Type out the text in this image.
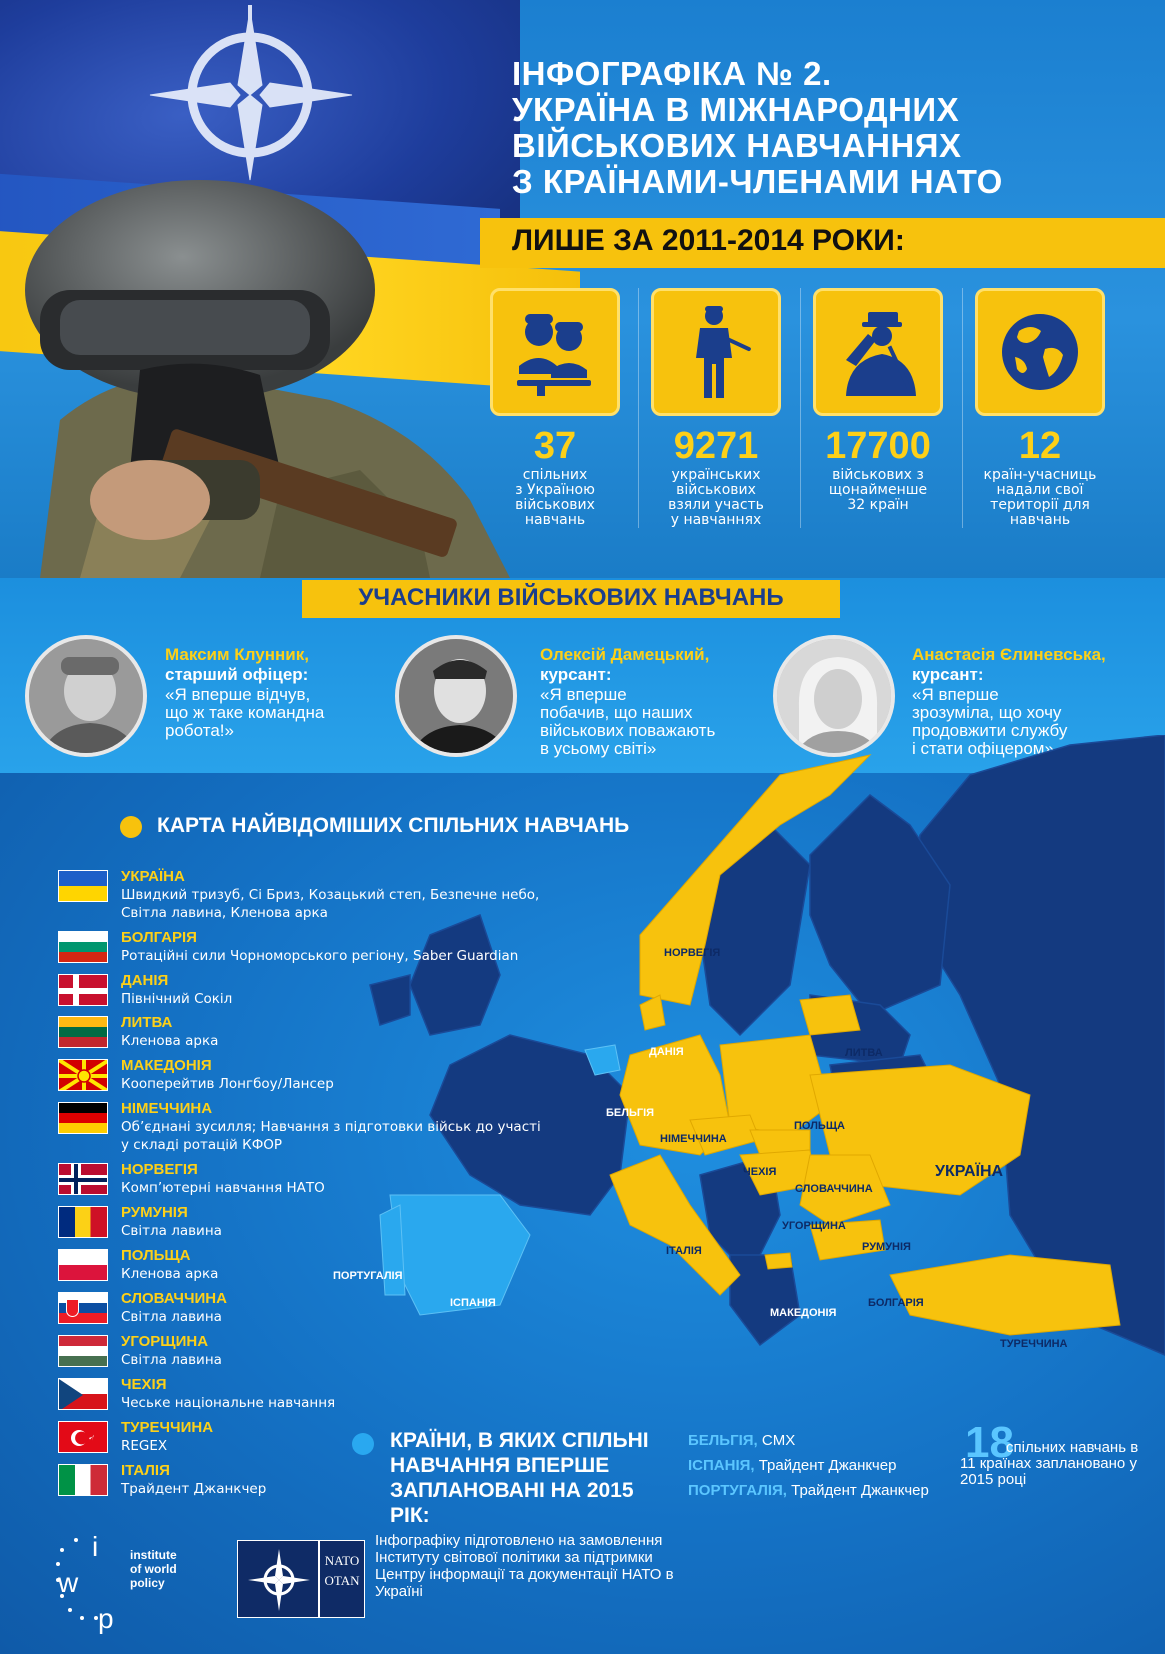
ІНФОГРАФІКА № 2.
УКРАЇНА В МІЖНАРОДНИХ
ВІЙСЬКОВИХ НАВЧАННЯХ
З КРАЇНАМИ-ЧЛЕНАМИ НАТО
ЛИШЕ ЗА 2011-2014 РОКИ:
37
спільних
з Україною
військових
навчань
9271
українських
військових
взяли участь
у навчаннях
17700
військових з
щонайменше
32 країн
12
країн-учасниць
надали свої
території для
навчань
УЧАСНИКИ ВІЙСЬКОВИХ НАВЧАНЬ
Максим Клунник,
старший офіцер:
«Я вперше відчув,
що ж таке командна
робота!»
Олексій Дамецький,
курсант:
«Я вперше
побачив, що наших
військових поважають
в усьому світі»
Анастасія Єлиневська,
курсант:
«Я вперше
зрозуміла, що хочу
продовжити службу
і стати офіцером»
НОРВЕГІЯ
ДАНІЯ	ЛИТВА
БЕЛЬГІЯ
НІМЕЧЧИНА
ПОЛЬЩА
ЧЕХІЯ
СЛОВАЧЧИНА
УКРАЇНА
УГОРЩИНА
РУМУНІЯ
ІТАЛІЯ
ПОРТУГАЛІЯ
ІСПАНІЯ
МАКЕДОНІЯ
БОЛГАРІЯ
ТУРЕЧЧИНА
КАРТА НАЙВІДОМІШИХ СПІЛЬНИХ НАВЧАНЬ
УКРАЇНА
Швидкий тризуб, Сі Бриз, Козацький степ, Безпечне небо, Світла лавина, Кленова арка
БОЛГАРІЯ
Ротаційні сили Чорноморського регіону, Saber Guardian
ДАНІЯ
Північний Сокіл
ЛИТВА
Кленова арка
МАКЕДОНІЯ
Кооперейтив Лонгбоу/Лансер
НІМЕЧЧИНА
Об’єднані зусилля; Навчання з підготовки військ до участі у складі ротацій КФОР
НОРВЕГІЯ
Комп’ютерні навчання НАТО
РУМУНІЯ
Світла лавина
ПОЛЬЩА
Кленова арка
СЛОВАЧЧИНА
Світла лавина
УГОРЩИНА
Світла лавина
ЧЕХІЯ
Чеське національне навчання
ТУРЕЧЧИНА
REGEX
ІТАЛІЯ
Трайдент Джанкчер
КРАЇНИ, В ЯКИХ СПІЛЬНІ НАВЧАННЯ ВПЕРШЕ ЗАПЛАНОВАНІ НА 2015 РІК:
БЕЛЬГІЯ, CMX
ІСПАНІЯ, Трайдент Джанкчер
ПОРТУГАЛІЯ, Трайдент Джанкчер
18
спільних навчань в 11 країнах заплановано у 2015 році
i
w
p
institute
of world
policy
NATO
OTAN
Інфографіку підготовлено на замовлення Інституту світової політики за підтримки Центру інформації та документації НАТО в Україні
